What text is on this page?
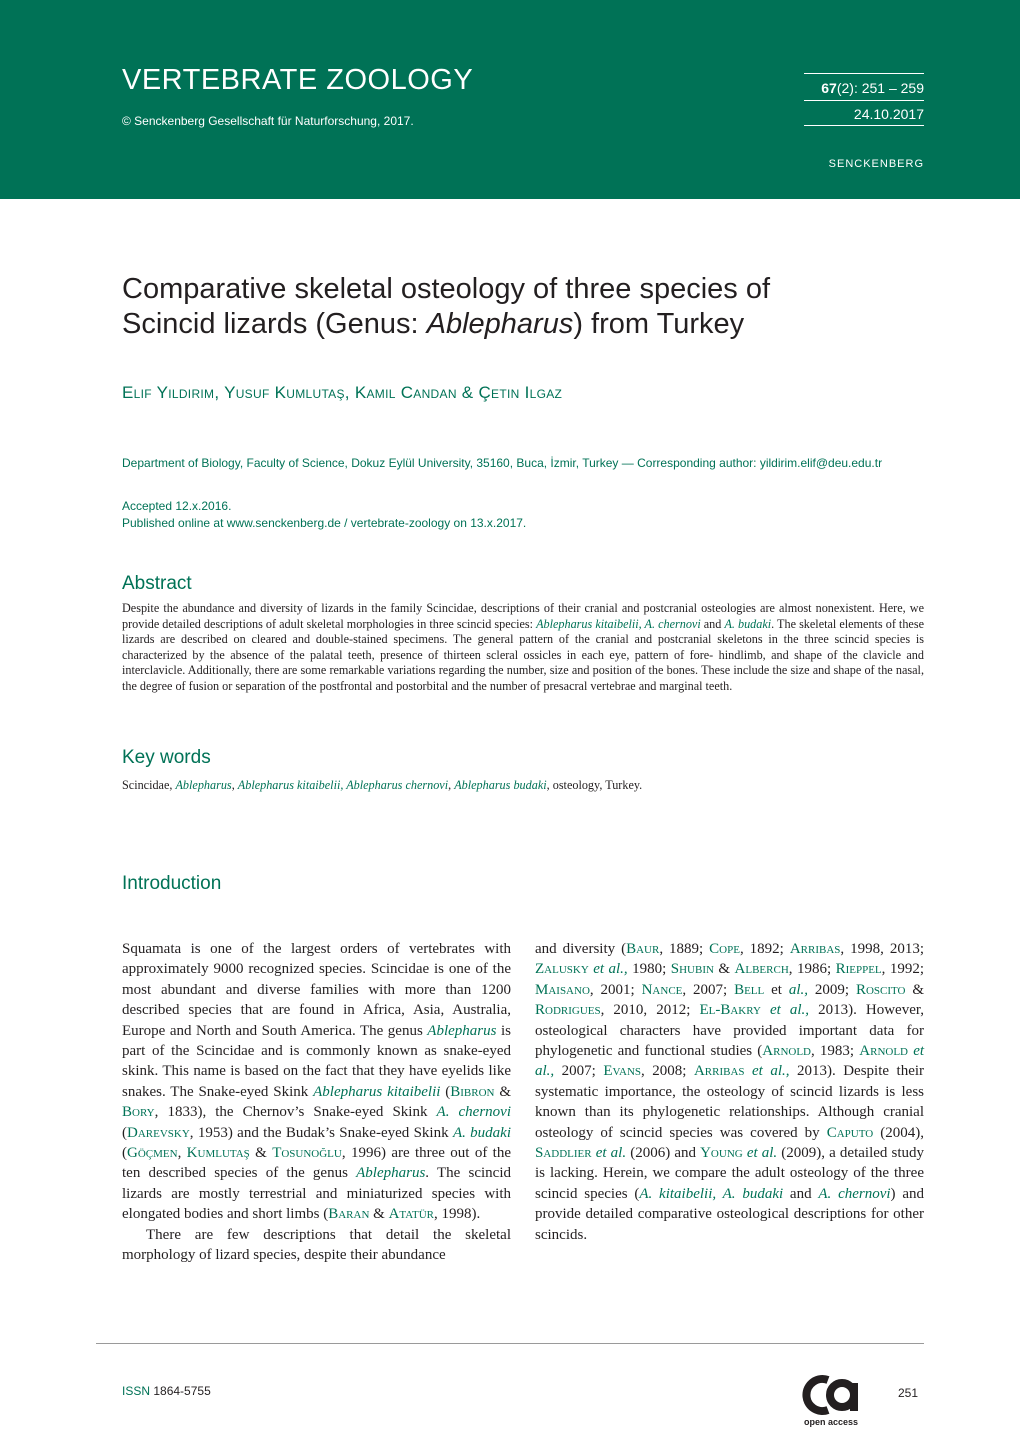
VERTEBRATE ZOOLOGY
© Senckenberg Gesellschaft für Naturforschung, 2017.
67(2): 251 – 259
24.10.2017
SENCKENBERG
Comparative skeletal osteology of three species of
Scincid lizards (Genus: Ablepharus) from Turkey
Elif Yıldırım, Yusuf Kumlutaş, Kamil Candan & Çetin Ilgaz
Department of Biology, Faculty of Science, Dokuz Eylül University, 35160, Buca, İzmir, Turkey — Corresponding author: yildirim.elif@deu.edu.tr
Accepted 12.x.2016.
Published online at www.senckenberg.de / vertebrate-zoology on 13.x.2017.
Abstract
Despite the abundance and diversity of lizards in the family Scincidae, descriptions of their cranial and postcranial osteologies are almost nonexistent. Here, we provide detailed descriptions of adult skeletal morphologies in three scincid species: Ablepharus kitaibelii, A. chernovi and A. budaki. The skeletal elements of these lizards are described on cleared and double-stained specimens. The general pattern of the cranial and postcranial skeletons in the three scincid species is characterized by the absence of the palatal teeth, presence of thirteen scleral ossicles in each eye, pattern of fore- hindlimb, and shape of the clavicle and interclavicle. Additionally, there are some remarkable variations regarding the number, size and position of the bones. These include the size and shape of the nasal, the degree of fusion or separation of the postfrontal and postorbital and the number of presacral vertebrae and marginal teeth.
Key words
Scincidae, Ablepharus, Ablepharus kitaibelii, Ablepharus chernovi, Ablepharus budaki, osteology, Turkey.
Introduction

Squamata is one of the largest orders of vertebrates with approximately 9000 recognized species. Scincidae is one of the most abundant and diverse families with more than 1200 described species that are found in Africa, Asia, Australia, Europe and North and South America. The genus Ablepharus is part of the Scincidae and is commonly known as snake-eyed skink. This name is based on the fact that they have eyelids like snakes. The Snake-eyed Skink Ablepharus kitaibelii (Bibron & Bory, 1833), the Chernov’s Snake-eyed Skink A. chernovi (Darevsky, 1953) and the Budak’s Snake-eyed Skink A. budaki (Göçmen, Kumlutaş & Tosunoğlu, 1996) are three out of the ten described species of the genus Ablepharus. The scincid lizards are mostly terrestrial and miniaturized species with elongated bodies and short limbs (Baran & Atatür, 1998).

There are few descriptions that detail the skeletal morphology of lizard species, despite their abundance

and diversity (Baur, 1889; Cope, 1892; Arribas, 1998, 2013; Zalusky et al., 1980; Shubin & Alberch, 1986; Rieppel, 1992; Maisano, 2001; Nance, 2007; Bell et al., 2009; Roscito & Rodrigues, 2010, 2012; El-Bakry et al., 2013). However, osteological characters have provided important data for phylogenetic and functional studies (Arnold, 1983; Arnold et al., 2007; Evans, 2008; Arribas et al., 2013). Despite their systematic importance, the osteology of scincid lizards is less known than its phylogenetic relationships. Although cranial osteology of scincid species was covered by Caputo (2004), Saddlier et al. (2006) and Young et al. (2009), a detailed study is lacking. Herein, we compare the adult osteology of the three scincid species (A. kitaibelii, A. budaki and A. chernovi) and provide detailed comparative osteological descriptions for other scincids.

ISSN 1864-5755
open access
251
